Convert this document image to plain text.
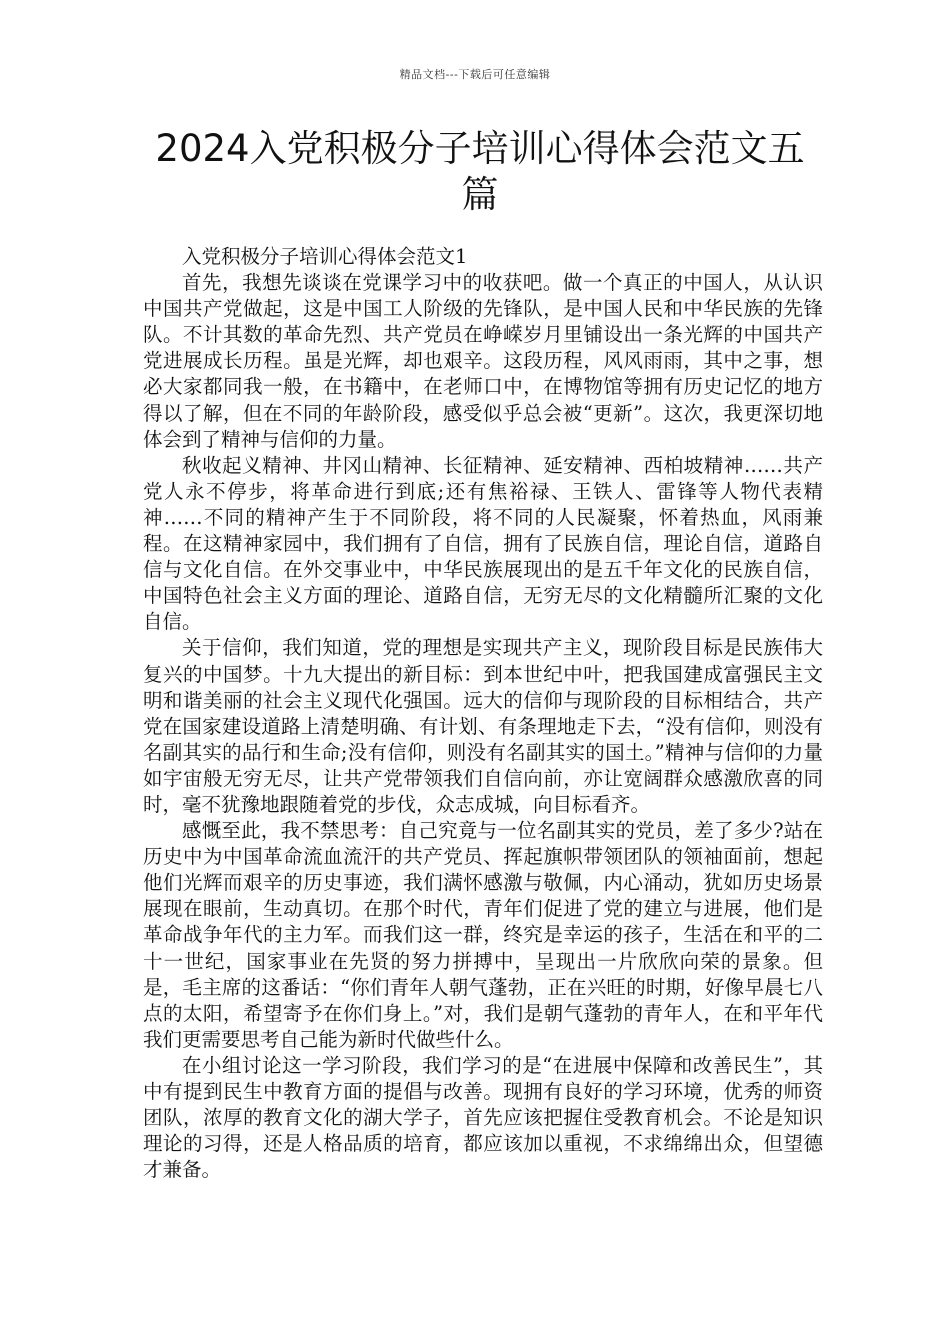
精品文档---下载后可任意编辑
2024入党积极分子培训心得体会范文五篇

入党积极分子培训心得体会范文1

首先，我想先谈谈在党课学习中的收获吧。做一个真正的中国人，从认识中国共产党做起，这是中国工人阶级的先锋队，是中国人民和中华民族的先锋队。不计其数的革命先烈、共产党员在峥嵘岁月里铺设出一条光辉的中国共产党进展成长历程。虽是光辉，却也艰辛。这段历程，风风雨雨，其中之事，想必大家都同我一般，在书籍中，在老师口中，在博物馆等拥有历史记忆的地方得以了解，但在不同的年龄阶段，感受似乎总会被“更新”。这次，我更深切地体会到了精神与信仰的力量。

秋收起义精神、井冈山精神、长征精神、延安精神、西柏坡精神……共产党人永不停步，将革命进行到底;还有焦裕禄、王铁人、雷锋等人物代表精神……不同的精神产生于不同阶段，将不同的人民凝聚，怀着热血，风雨兼程。在这精神家园中，我们拥有了自信，拥有了民族自信，理论自信，道路自信与文化自信。在外交事业中，中华民族展现出的是五千年文化的民族自信，中国特色社会主义方面的理论、道路自信，无穷无尽的文化精髓所汇聚的文化自信。

关于信仰，我们知道，党的理想是实现共产主义，现阶段目标是民族伟大复兴的中国梦。十九大提出的新目标：到本世纪中叶，把我国建成富强民主文明和谐美丽的社会主义现代化强国。远大的信仰与现阶段的目标相结合，共产党在国家建设道路上清楚明确、有计划、有条理地走下去，“没有信仰，则没有名副其实的品行和生命;没有信仰，则没有名副其实的国土。”精神与信仰的力量如宇宙般无穷无尽，让共产党带领我们自信向前，亦让宽阔群众感激欣喜的同时，毫不犹豫地跟随着党的步伐，众志成城，向目标看齐。

感慨至此，我不禁思考：自己究竟与一位名副其实的党员，差了多少?站在历史中为中国革命流血流汗的共产党员、挥起旗帜带领团队的领袖面前，想起他们光辉而艰辛的历史事迹，我们满怀感激与敬佩，内心涌动，犹如历史场景展现在眼前，生动真切。在那个时代，青年们促进了党的建立与进展，他们是革命战争年代的主力军。而我们这一群，终究是幸运的孩子，生活在和平的二十一世纪，国家事业在先贤的努力拼搏中，呈现出一片欣欣向荣的景象。但是，毛主席的这番话：“你们青年人朝气蓬勃，正在兴旺的时期，好像早晨七八点的太阳，希望寄予在你们身上。”对，我们是朝气蓬勃的青年人，在和平年代我们更需要思考自己能为新时代做些什么。

在小组讨论这一学习阶段，我们学习的是“在进展中保障和改善民生”，其中有提到民生中教育方面的提倡与改善。现拥有良好的学习环境，优秀的师资团队，浓厚的教育文化的湖大学子，首先应该把握住受教育机会。不论是知识理论的习得，还是人格品质的培育，都应该加以重视，不求绵绵出众，但望德才兼备。
